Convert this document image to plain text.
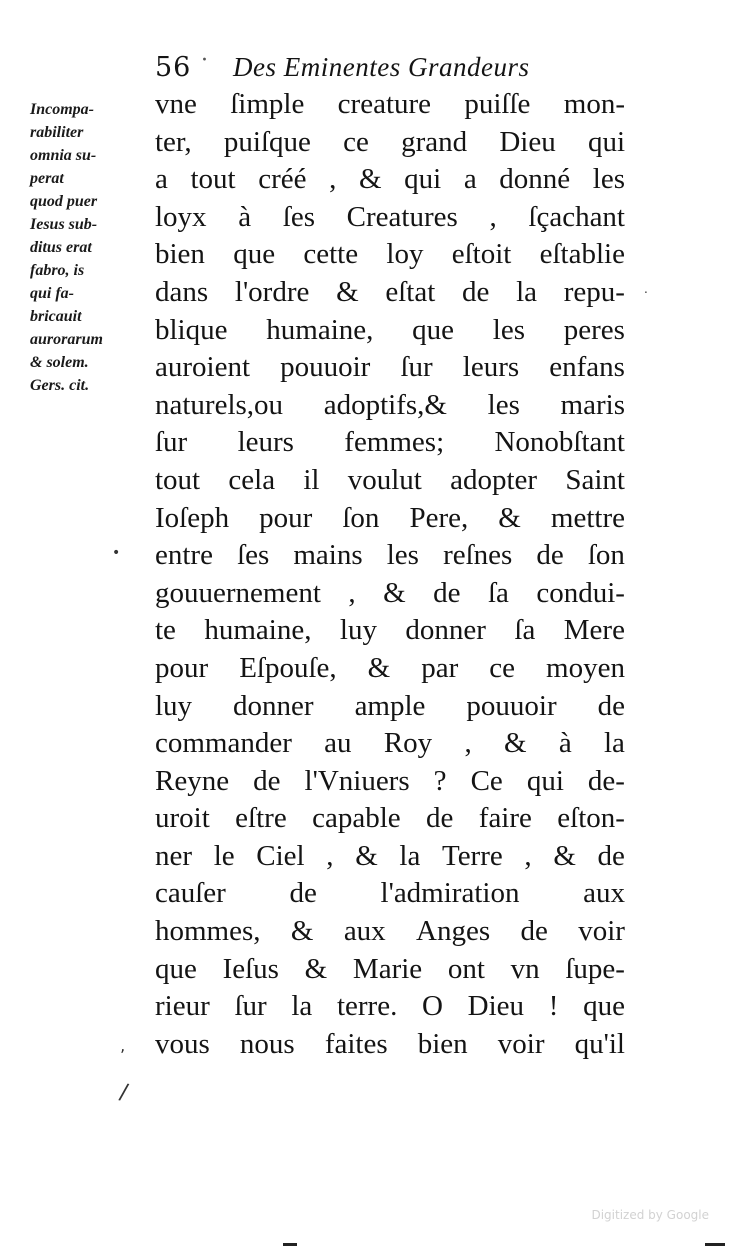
56 · Des Eminentes Grandeurs
Incompa-
rabiliter
omnia su-
perat
quod puer
Iesus sub-
ditus erat
fabro, is
qui fa-
bricauit
aurorarum
& solem.
Gers. cit.
vne ſimple creature puiſſe mon-
ter, puiſque ce grand Dieu qui
a tout créé , & qui a donné les
loyx à ſes Creatures , ſçachant
bien que cette loy eſtoit eſtablie
dans l'ordre & eſtat de la repu-
blique humaine, que les peres
auroient pouuoir ſur leurs enfans
naturels,ou adoptifs,& les maris
ſur leurs femmes; Nonobſtant
tout cela il voulut adopter Saint
Ioſeph pour ſon Pere, & mettre
entre ſes mains les reſnes de ſon
gouuernement , & de ſa condui-
te humaine, luy donner ſa Mere
pour Eſpouſe, & par ce moyen
luy donner ample pouuoir de
commander au Roy , & à la
Reyne de l'Vniuers ? Ce qui de-
uroit eſtre capable de faire eſton-
ner le Ciel , & la Terre , & de
cauſer de l'admiration aux
hommes, & aux Anges de voir
que Ieſus & Marie ont vn ſupe-
rieur ſur la terre. O Dieu ! que
vous nous faites bien voir qu'il
•
.
‚
/
Digitized by Google
